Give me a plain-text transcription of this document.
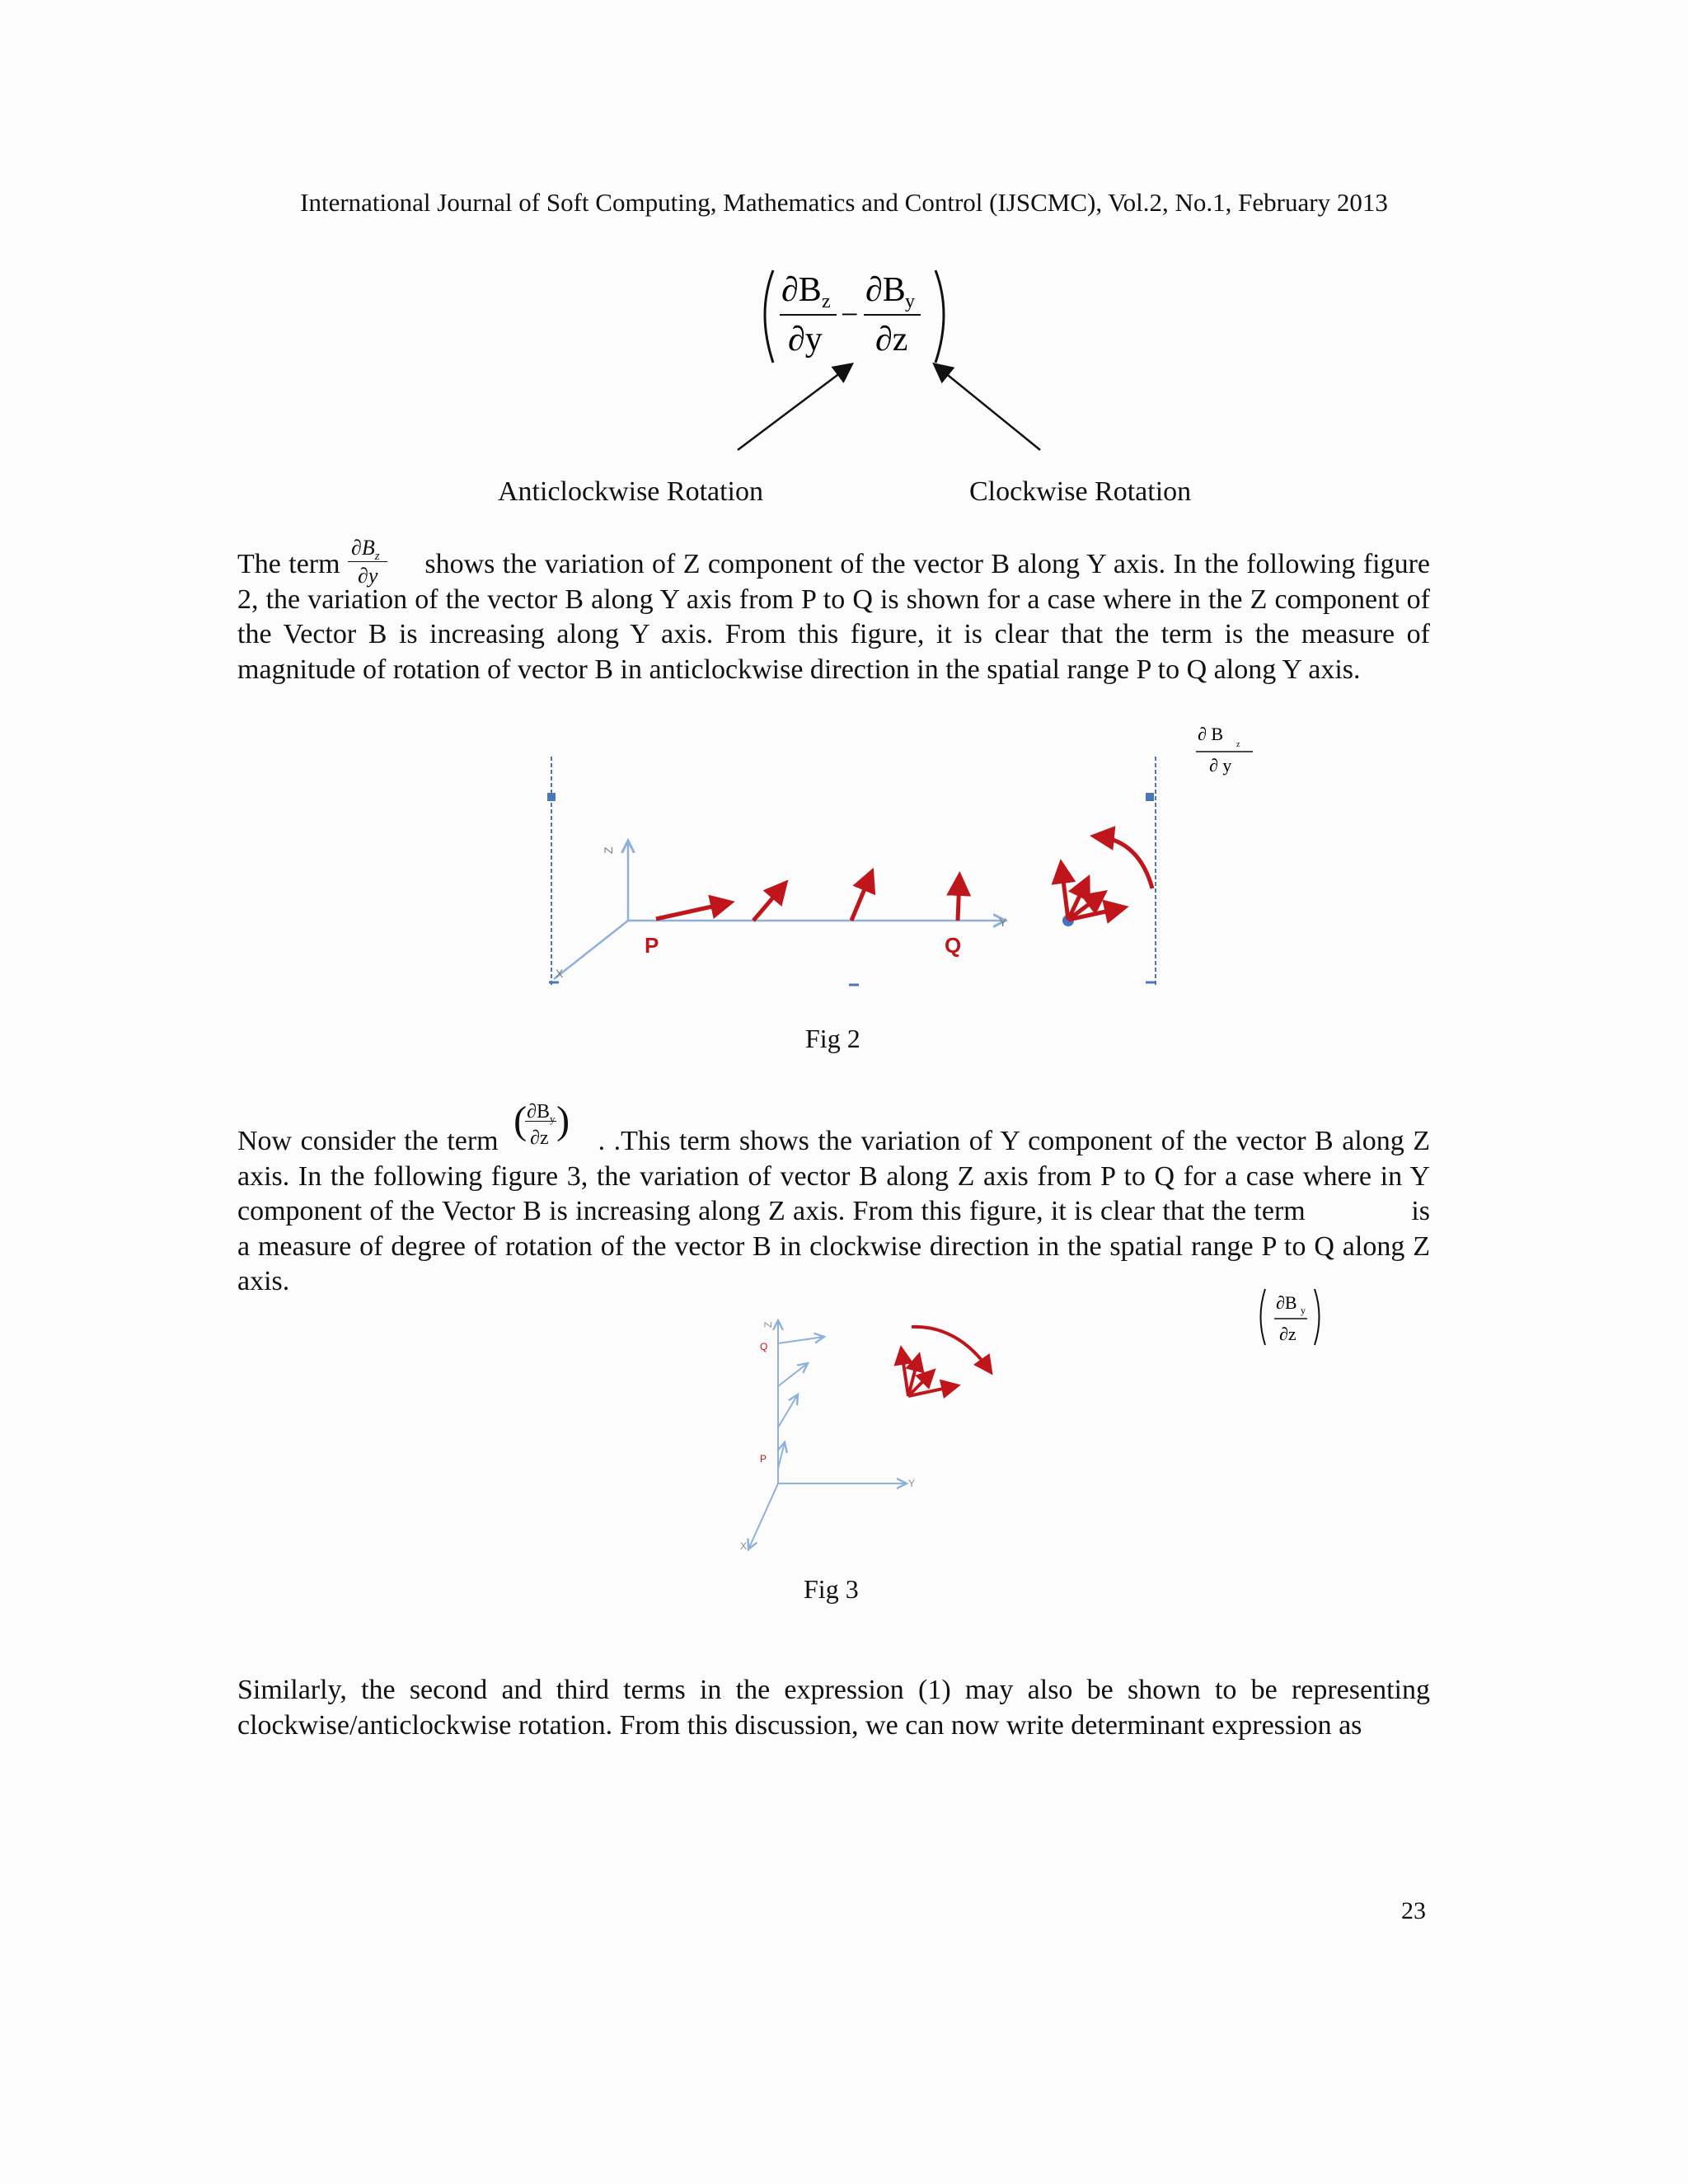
International Journal of Soft Computing, Mathematics and Control (IJSCMC), Vol.2, No.1, February 2013
∂B z
∂y
−
∂B y
∂z
Anticlockwise Rotation	Clockwise Rotation

The term
$\partial B_z$
∂y shows the variation of Z component of the vector B along Y axis. In the following figure 2, the variation of the vector B along Y axis from P to Q is shown for a case where in the Z component of the Vector B is increasing along Y axis. From this figure, it is clear that the term is the measure of magnitude of rotation of vector B in anticlockwise direction in the spatial range P to Q along Y axis.

∂ B
z
∂ y
Z
Y
X
P	Q
Fig 2

Now consider the term ( )
$\partial B_y$
∂z . .This term shows the variation of Y component of the vector B along Z axis. In the following figure 3, the variation of vector B along Z axis from P to Q for a case where in Y component of the Vector B is increasing along Z axis. From this figure, it is clear that the term	is a measure of degree of rotation of the vector B in clockwise direction in the spatial range P to Q along Z axis.

∂B y
∂z
Z
Y
X
P
Q
Fig 3

Similarly, the second and third terms in the expression (1) may also be shown to be representing clockwise/anticlockwise rotation. From this discussion, we can now write determinant expression as

23
